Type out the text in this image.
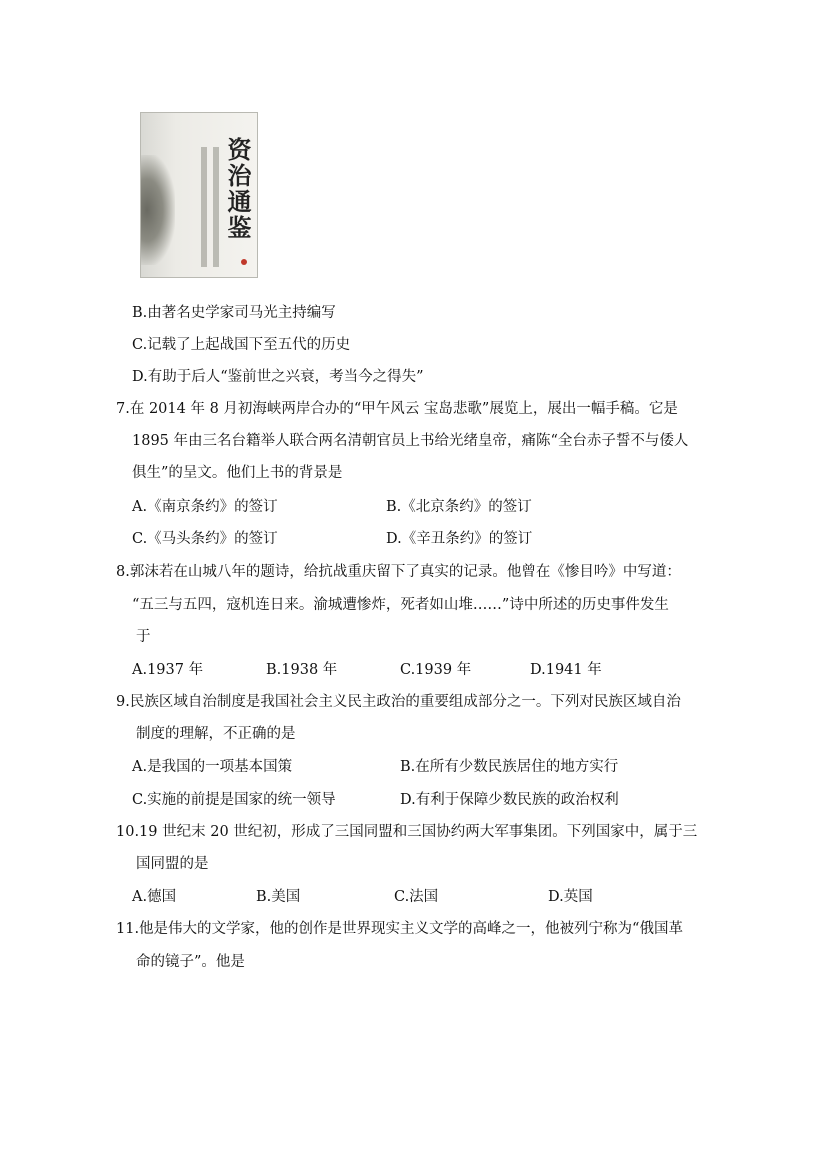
资治通鉴
B.由著名史学家司马光主持编写
C.记载了上起战国下至五代的历史
D.有助于后人“鉴前世之兴衰，考当今之得失”
7.在 2014 年 8 月初海峡两岸合办的“甲午风云 宝岛悲歌”展览上，展出一幅手稿。它是
1895 年由三名台籍举人联合两名清朝官员上书给光绪皇帝，痛陈“全台赤子誓不与倭人
俱生”的呈文。他们上书的背景是
A.《南京条约》的签订	B.《北京条约》的签订
C.《马头条约》的签订	D.《辛丑条约》的签订
8.郭沫若在山城八年的题诗，给抗战重庆留下了真实的记录。他曾在《惨目吟》中写道：
“五三与五四，寇机连日来。渝城遭惨炸，死者如山堆……”诗中所述的历史事件发生
于
A.1937 年	B.1938 年	C.1939 年	D.1941 年
9.民族区域自治制度是我国社会主义民主政治的重要组成部分之一。下列对民族区域自治
制度的理解，不正确的是
A.是我国的一项基本国策	B.在所有少数民族居住的地方实行
C.实施的前提是国家的统一领导	D.有利于保障少数民族的政治权利
10.19 世纪末 20 世纪初，形成了三国同盟和三国协约两大军事集团。下列国家中，属于三
国同盟的是
A.德国	B.美国	C.法国	D.英国
11.他是伟大的文学家，他的创作是世界现实主义文学的高峰之一，他被列宁称为“俄国革
命的镜子”。他是
